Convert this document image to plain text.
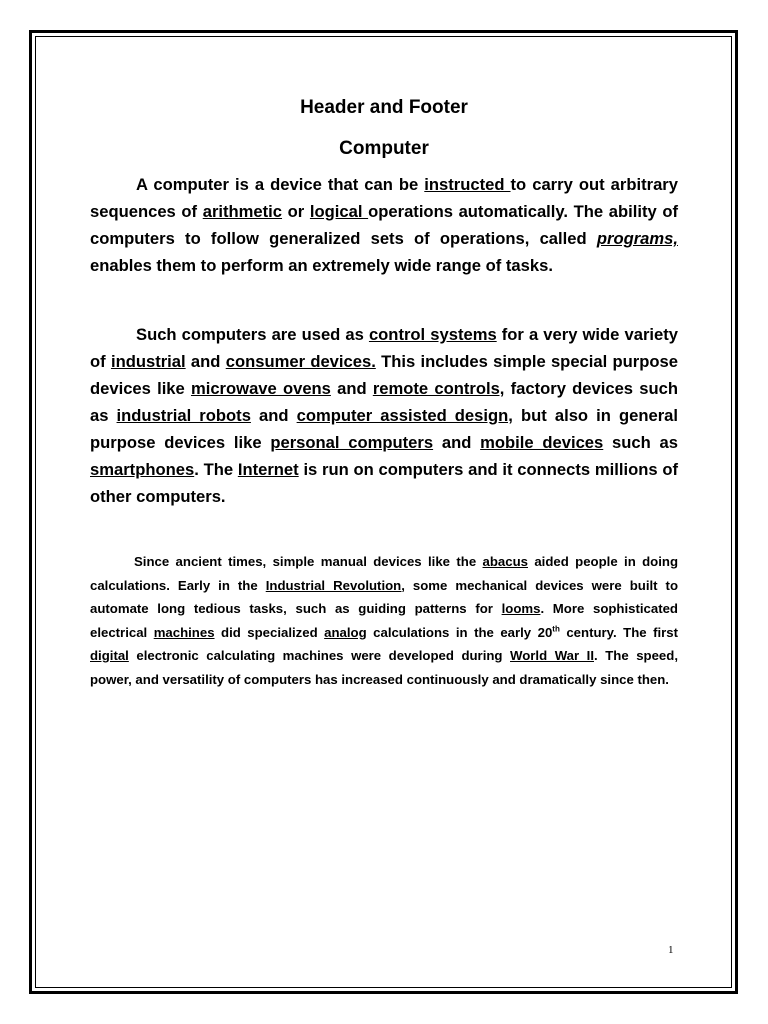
Header and Footer

Computer

A computer is a device that can be instructed to carry out arbitrary sequences of arithmetic or logical operations automatically. The ability of computers to follow generalized sets of operations, called programs, enables them to perform an extremely wide range of tasks.

Such computers are used as control systems for a very wide variety of industrial and consumer devices. This includes simple special purpose devices like microwave ovens and remote controls, factory devices such as industrial robots and computer assisted design, but also in general purpose devices like personal computers and mobile devices such as smartphones. The Internet is run on computers and it connects millions of other computers.

Since ancient times, simple manual devices like the abacus aided people in doing calculations. Early in the Industrial Revolution, some mechanical devices were built to automate long tedious tasks, such as guiding patterns for looms. More sophisticated electrical machines did specialized analog calculations in the early 20th century. The first digital electronic calculating machines were developed during World War II. The speed, power, and versatility of computers has increased continuously and dramatically since then.

1
